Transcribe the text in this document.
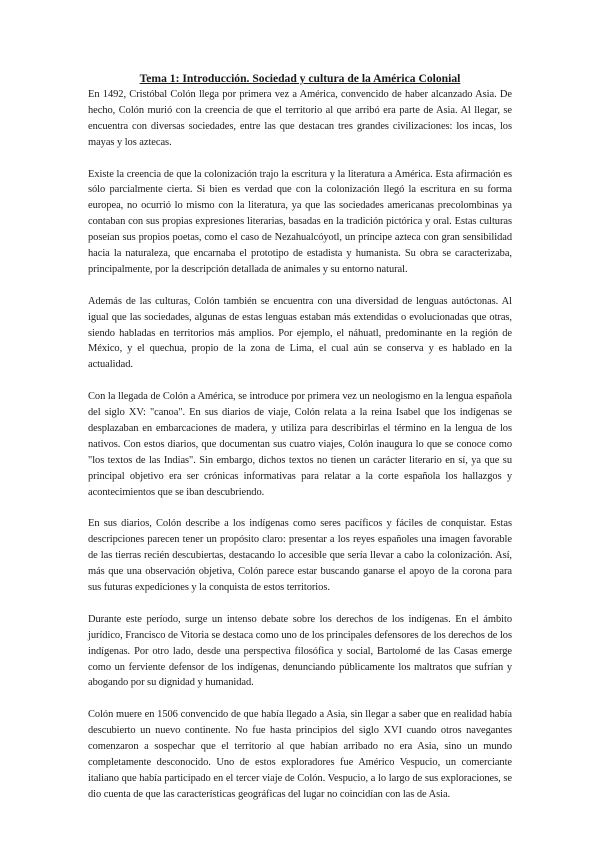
Tema 1: Introducción. Sociedad y cultura de la América Colonial

En 1492, Cristóbal Colón llega por primera vez a América, convencido de haber alcanzado Asia. De hecho, Colón murió con la creencia de que el territorio al que arribó era parte de Asia. Al llegar, se encuentra con diversas sociedades, entre las que destacan tres grandes civilizaciones: los incas, los mayas y los aztecas.

Existe la creencia de que la colonización trajo la escritura y la literatura a América. Esta afirmación es sólo parcialmente cierta. Si bien es verdad que con la colonización llegó la escritura en su forma europea, no ocurrió lo mismo con la literatura, ya que las sociedades americanas precolombinas ya contaban con sus propias expresiones literarias, basadas en la tradición pictórica y oral. Estas culturas poseían sus propios poetas, como el caso de Nezahualcóyotl, un príncipe azteca con gran sensibilidad hacia la naturaleza, que encarnaba el prototipo de estadista y humanista. Su obra se caracterizaba, principalmente, por la descripción detallada de animales y su entorno natural.

Además de las culturas, Colón también se encuentra con una diversidad de lenguas autóctonas. Al igual que las sociedades, algunas de estas lenguas estaban más extendidas o evolucionadas que otras, siendo habladas en territorios más amplios. Por ejemplo, el náhuatl, predominante en la región de México, y el quechua, propio de la zona de Lima, el cual aún se conserva y es hablado en la actualidad.

Con la llegada de Colón a América, se introduce por primera vez un neologismo en la lengua española del siglo XV: "canoa". En sus diarios de viaje, Colón relata a la reina Isabel que los indígenas se desplazaban en embarcaciones de madera, y utiliza para describirlas el término en la lengua de los nativos. Con estos diarios, que documentan sus cuatro viajes, Colón inaugura lo que se conoce como "los textos de las Indias". Sin embargo, dichos textos no tienen un carácter literario en sí, ya que su principal objetivo era ser crónicas informativas para relatar a la corte española los hallazgos y acontecimientos que se iban descubriendo.

En sus diarios, Colón describe a los indígenas como seres pacíficos y fáciles de conquistar. Estas descripciones parecen tener un propósito claro: presentar a los reyes españoles una imagen favorable de las tierras recién descubiertas, destacando lo accesible que sería llevar a cabo la colonización. Así, más que una observación objetiva, Colón parece estar buscando ganarse el apoyo de la corona para sus futuras expediciones y la conquista de estos territorios.

Durante este período, surge un intenso debate sobre los derechos de los indígenas. En el ámbito jurídico, Francisco de Vitoria se destaca como uno de los principales defensores de los derechos de los indígenas. Por otro lado, desde una perspectiva filosófica y social, Bartolomé de las Casas emerge como un ferviente defensor de los indígenas, denunciando públicamente los maltratos que sufrían y abogando por su dignidad y humanidad.

Colón muere en 1506 convencido de que había llegado a Asia, sin llegar a saber que en realidad había descubierto un nuevo continente. No fue hasta principios del siglo XVI cuando otros navegantes comenzaron a sospechar que el territorio al que habían arribado no era Asia, sino un mundo completamente desconocido. Uno de estos exploradores fue Américo Vespucio, un comerciante italiano que había participado en el tercer viaje de Colón. Vespucio, a lo largo de sus exploraciones, se dio cuenta de que las características geográficas del lugar no coincidían con las de Asia.
